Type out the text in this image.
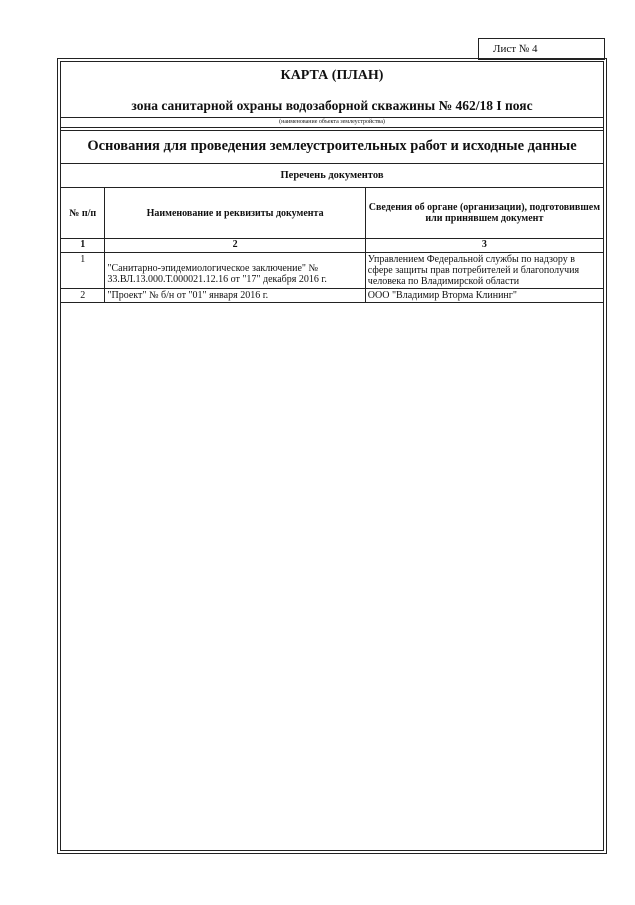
Лист № 4
КАРТА (ПЛАН)
зона санитарной охраны водозаборной скважины № 462/18 I пояс
(наименование объекта землеустройства)
Основания для проведения землеустроительных работ и исходные данные
Перечень документов
№ п/п	Наименование и реквизиты документа	Сведения об органе (организации), подготовившем или принявшем документ
1	2	3
1	"Санитарно-эпидемиологическое заключение" № 33.ВЛ.13.000.Т.000021.12.16 от "17" декабря 2016 г.	Управлением Федеральной службы по надзору в сфере защиты прав потребителей и благополучия человека по Владимирской области
2	"Проект" № б/н от "01" января 2016 г.	ООО "Владимир Вторма Клининг"
